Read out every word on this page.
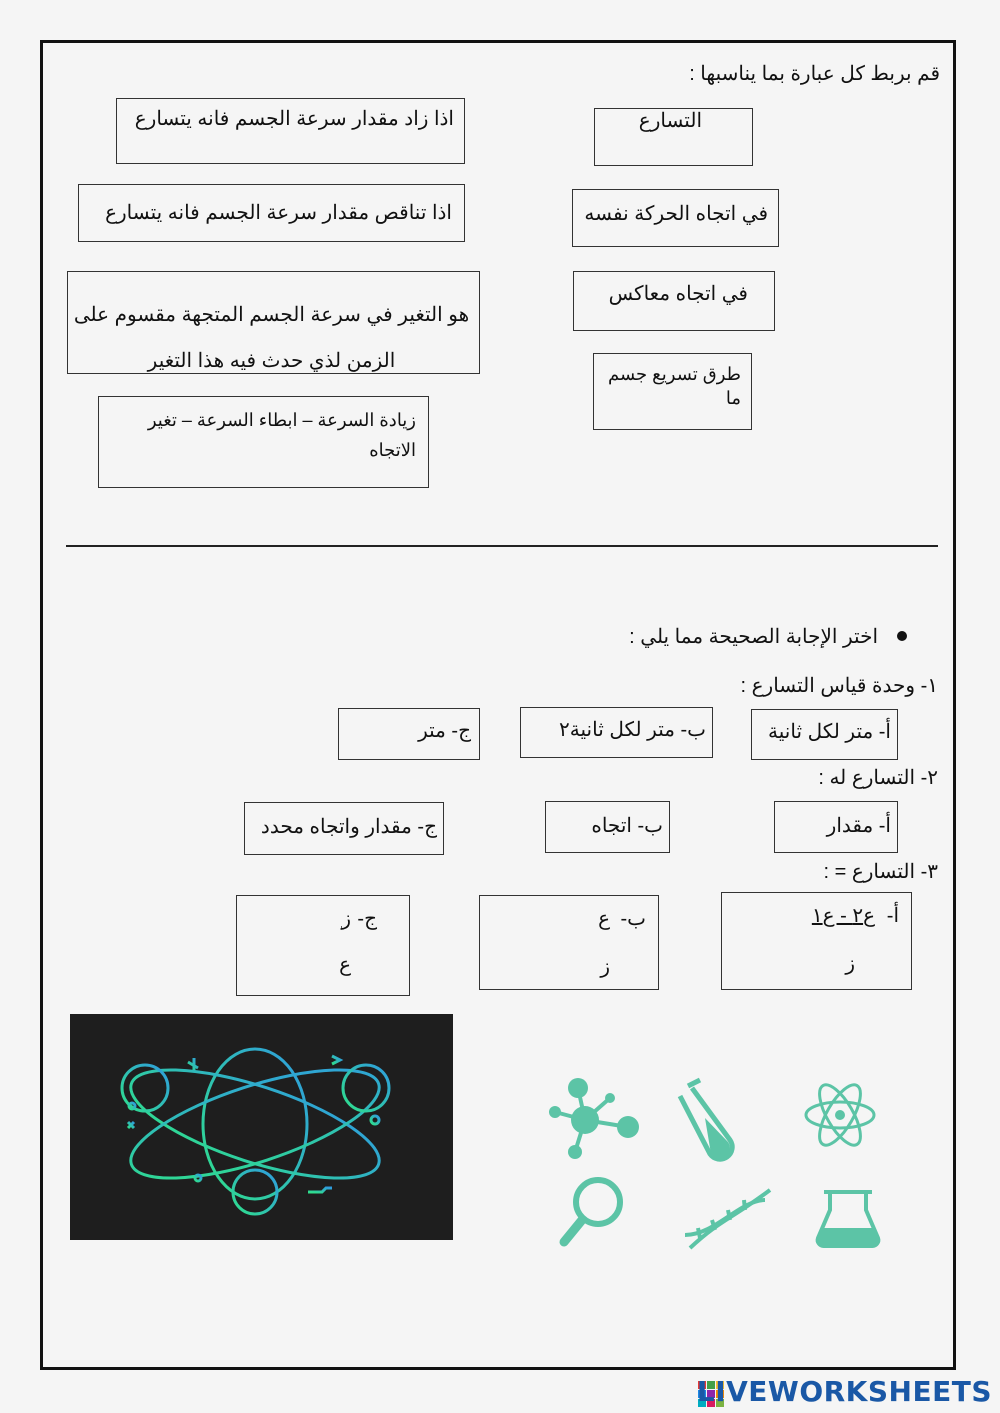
قم بربط كل عبارة بما يناسبها :
اذا زاد مقدار سرعة الجسم فانه يتسارع
اذا تناقص مقدار سرعة الجسم فانه يتسارع
هو التغير في سرعة الجسم المتجهة مقسوم على الزمن لذي حدث فيه هذا التغير
زيادة السرعة – ابطاء السرعة – تغير الاتجاه
التسارع
في اتجاه الحركة نفسه
في اتجاه معاكس
طرق تسريع جسم ما
اختر الإجابة الصحيحة مما يلي :
١- وحدة قياس التسارع :
أ- متر لكل ثانية
ب- متر لكل ثانية٢
ج- متر
٢- التسارع له :
أ- مقدار
ب- اتجاه
ج- مقدار واتجاه محدد
٣- التسارع = :
أ-
ع٢ - ع١
ز
ب-
ع
ز
ج-
ز
ع
LIVEWORKSHEETS
